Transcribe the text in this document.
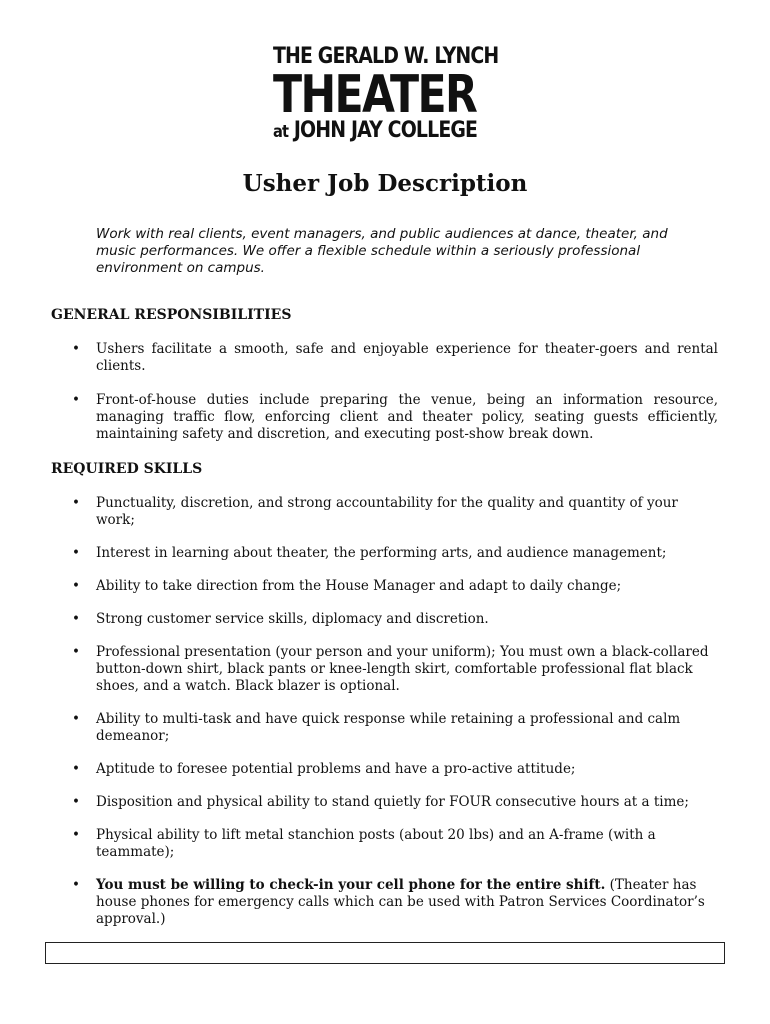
THE GERALD W. LYNCH
THEATER
at JOHN JAY COLLEGE
Usher Job Description
Work with real clients, event managers, and public audiences at dance, theater, and music performances. We offer a flexible schedule within a seriously professional environment on campus.
GENERAL RESPONSIBILITIES
• Ushers facilitate a smooth, safe and enjoyable experience for theater-goers and rental clients.
• Front-of-house duties include preparing the venue, being an information resource, managing traffic flow, enforcing client and theater policy, seating guests efficiently, maintaining safety and discretion, and executing post-show break down.
REQUIRED SKILLS
• Punctuality, discretion, and strong accountability for the quality and quantity of your work;
• Interest in learning about theater, the performing arts, and audience management;
• Ability to take direction from the House Manager and adapt to daily change;
• Strong customer service skills, diplomacy and discretion.
• Professional presentation (your person and your uniform); You must own a black-collared button-down shirt, black pants or knee-length skirt, comfortable professional flat black shoes, and a watch. Black blazer is optional.
• Ability to multi-task and have quick response while retaining a professional and calm demeanor;
• Aptitude to foresee potential problems and have a pro-active attitude;
• Disposition and physical ability to stand quietly for FOUR consecutive hours at a time;
• Physical ability to lift metal stanchion posts (about 20 lbs) and an A-frame (with a teammate);
• You must be willing to check-in your cell phone for the entire shift. (Theater has house phones for emergency calls which can be used with Patron Services Coordinator’s approval.)
